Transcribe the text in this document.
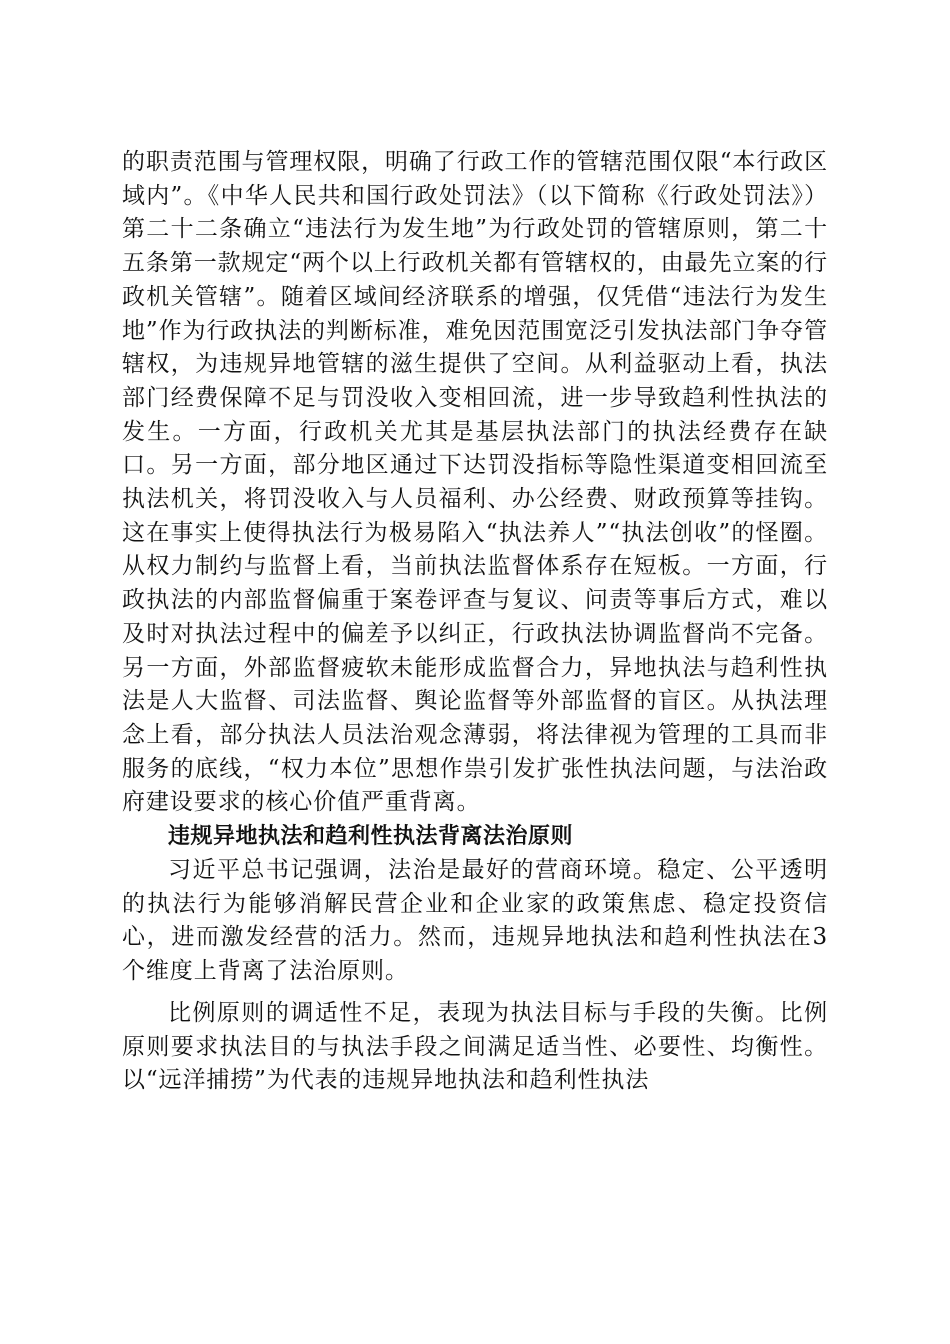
的职责范围与管理权限，明确了行政工作的管辖范围仅限“本行政区域内”。《中华人民共和国行政处罚法》（以下简称《行政处罚法》）第二十二条确立“违法行为发生地”为行政处罚的管辖原则，第二十五条第一款规定“两个以上行政机关都有管辖权的，由最先立案的行政机关管辖”。随着区域间经济联系的增强，仅凭借“违法行为发生地”作为行政执法的判断标准，难免因范围宽泛引发执法部门争夺管辖权，为违规异地管辖的滋生提供了空间。从利益驱动上看，执法部门经费保障不足与罚没收入变相回流，进一步导致趋利性执法的发生。一方面，行政机关尤其是基层执法部门的执法经费存在缺口。另一方面，部分地区通过下达罚没指标等隐性渠道变相回流至执法机关，将罚没收入与人员福利、办公经费、财政预算等挂钩。这在事实上使得执法行为极易陷入“执法养人”“执法创收”的怪圈。从权力制约与监督上看，当前执法监督体系存在短板。一方面，行政执法的内部监督偏重于案卷评查与复议、问责等事后方式，难以及时对执法过程中的偏差予以纠正，行政执法协调监督尚不完备。另一方面，外部监督疲软未能形成监督合力，异地执法与趋利性执法是人大监督、司法监督、舆论监督等外部监督的盲区。从执法理念上看，部分执法人员法治观念薄弱，将法律视为管理的工具而非服务的底线，“权力本位”思想作祟引发扩张性执法问题，与法治政府建设要求的核心价值严重背离。

违规异地执法和趋利性执法背离法治原则

习近平总书记强调，法治是最好的营商环境。稳定、公平透明的执法行为能够消解民营企业和企业家的政策焦虑、稳定投资信心，进而激发经营的活力。然而，违规异地执法和趋利性执法在3个维度上背离了法治原则。

比例原则的调适性不足，表现为执法目标与手段的失衡。比例原则要求执法目的与执法手段之间满足适当性、必要性、均衡性。以“远洋捕捞”为代表的违规异地执法和趋利性执法
